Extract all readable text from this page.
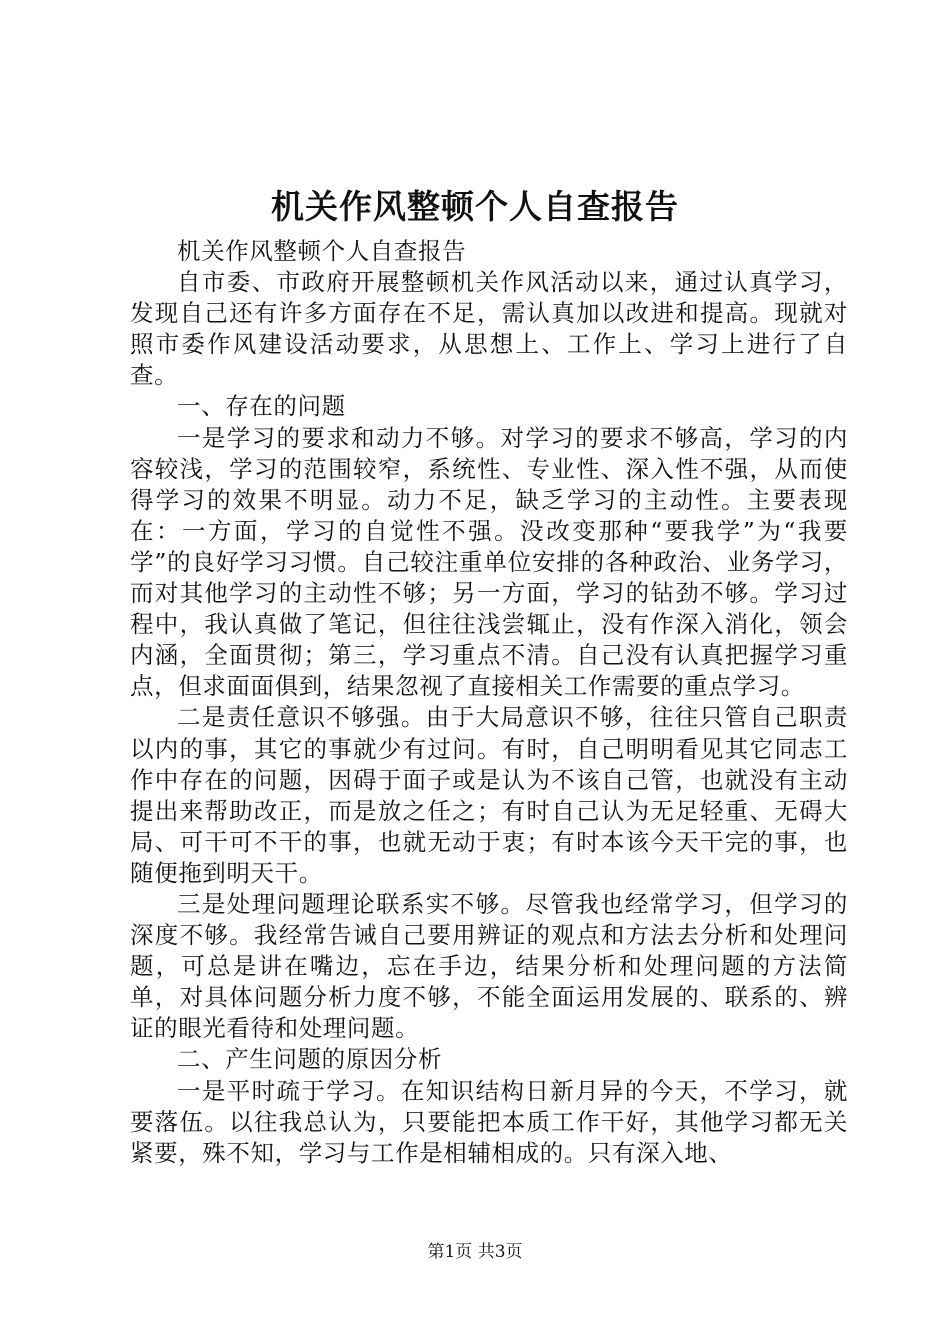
机关作风整顿个人自查报告

机关作风整顿个人自查报告

自市委、市政府开展整顿机关作风活动以来，通过认真学习，发现自己还有许多方面存在不足，需认真加以改进和提高。现就对照市委作风建设活动要求，从思想上、工作上、学习上进行了自查。

一、存在的问题

一是学习的要求和动力不够。对学习的要求不够高，学习的内容较浅，学习的范围较窄，系统性、专业性、深入性不强，从而使得学习的效果不明显。动力不足，缺乏学习的主动性。主要表现在：一方面，学习的自觉性不强。没改变那种“要我学”为“我要学”的良好学习习惯。自己较注重单位安排的各种政治、业务学习，而对其他学习的主动性不够；另一方面，学习的钻劲不够。学习过程中，我认真做了笔记，但往往浅尝辄止，没有作深入消化，领会内涵，全面贯彻；第三，学习重点不清。自己没有认真把握学习重点，但求面面俱到，结果忽视了直接相关工作需要的重点学习。

二是责任意识不够强。由于大局意识不够，往往只管自己职责以内的事，其它的事就少有过问。有时，自己明明看见其它同志工作中存在的问题，因碍于面子或是认为不该自己管，也就没有主动提出来帮助改正，而是放之任之；有时自己认为无足轻重、无碍大局、可干可不干的事，也就无动于衷；有时本该今天干完的事，也随便拖到明天干。

三是处理问题理论联系实不够。尽管我也经常学习，但学习的深度不够。我经常告诫自己要用辨证的观点和方法去分析和处理问题，可总是讲在嘴边，忘在手边，结果分析和处理问题的方法简单，对具体问题分析力度不够，不能全面运用发展的、联系的、辨证的眼光看待和处理问题。

二、产生问题的原因分析

一是平时疏于学习。在知识结构日新月异的今天，不学习，就要落伍。以往我总认为，只要能把本质工作干好，其他学习都无关紧要，殊不知，学习与工作是相辅相成的。只有深入地、

第1页 共3页
